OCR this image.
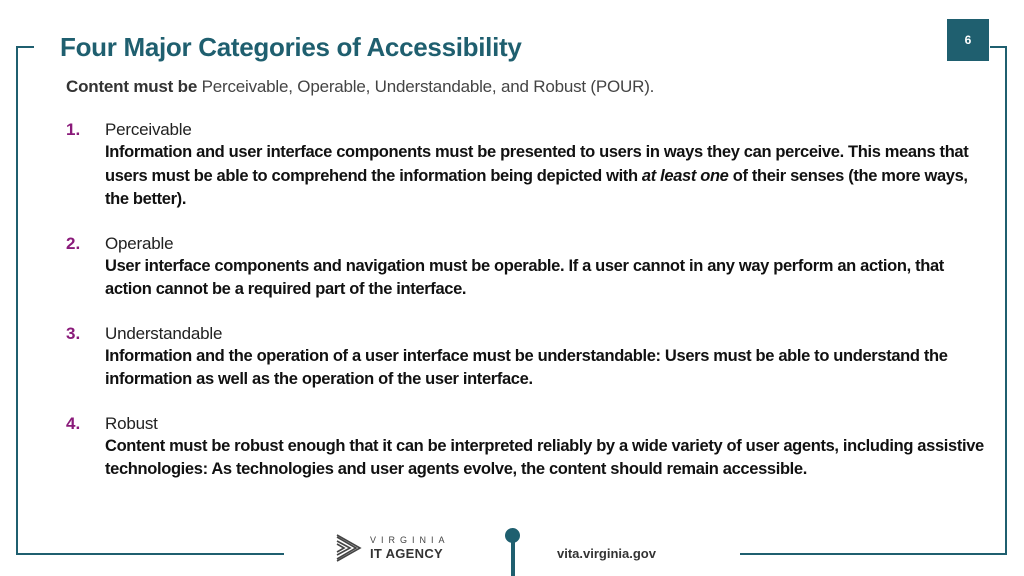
6
Four Major Categories of Accessibility

Content must be Perceivable, Operable, Understandable, and Robust (POUR).

1.	Perceivable
Information and user interface components must be presented to users in ways they can perceive. This means that users must be able to comprehend the information being depicted with at least one of their senses (the more ways, the better).
2.	Operable
User interface components and navigation must be operable. If a user cannot in any way perform an action, that action cannot be a required part of the interface.
3.	Understandable
Information and the operation of a user interface must be understandable: Users must be able to understand the information as well as the operation of the user interface.
4.	Robust
Content must be robust enough that it can be interpreted reliably by a wide variety of user agents, including assistive technologies: As technologies and user agents evolve, the content should remain accessible.
VIRGINIA
IT AGENCY	vita.virginia.gov
